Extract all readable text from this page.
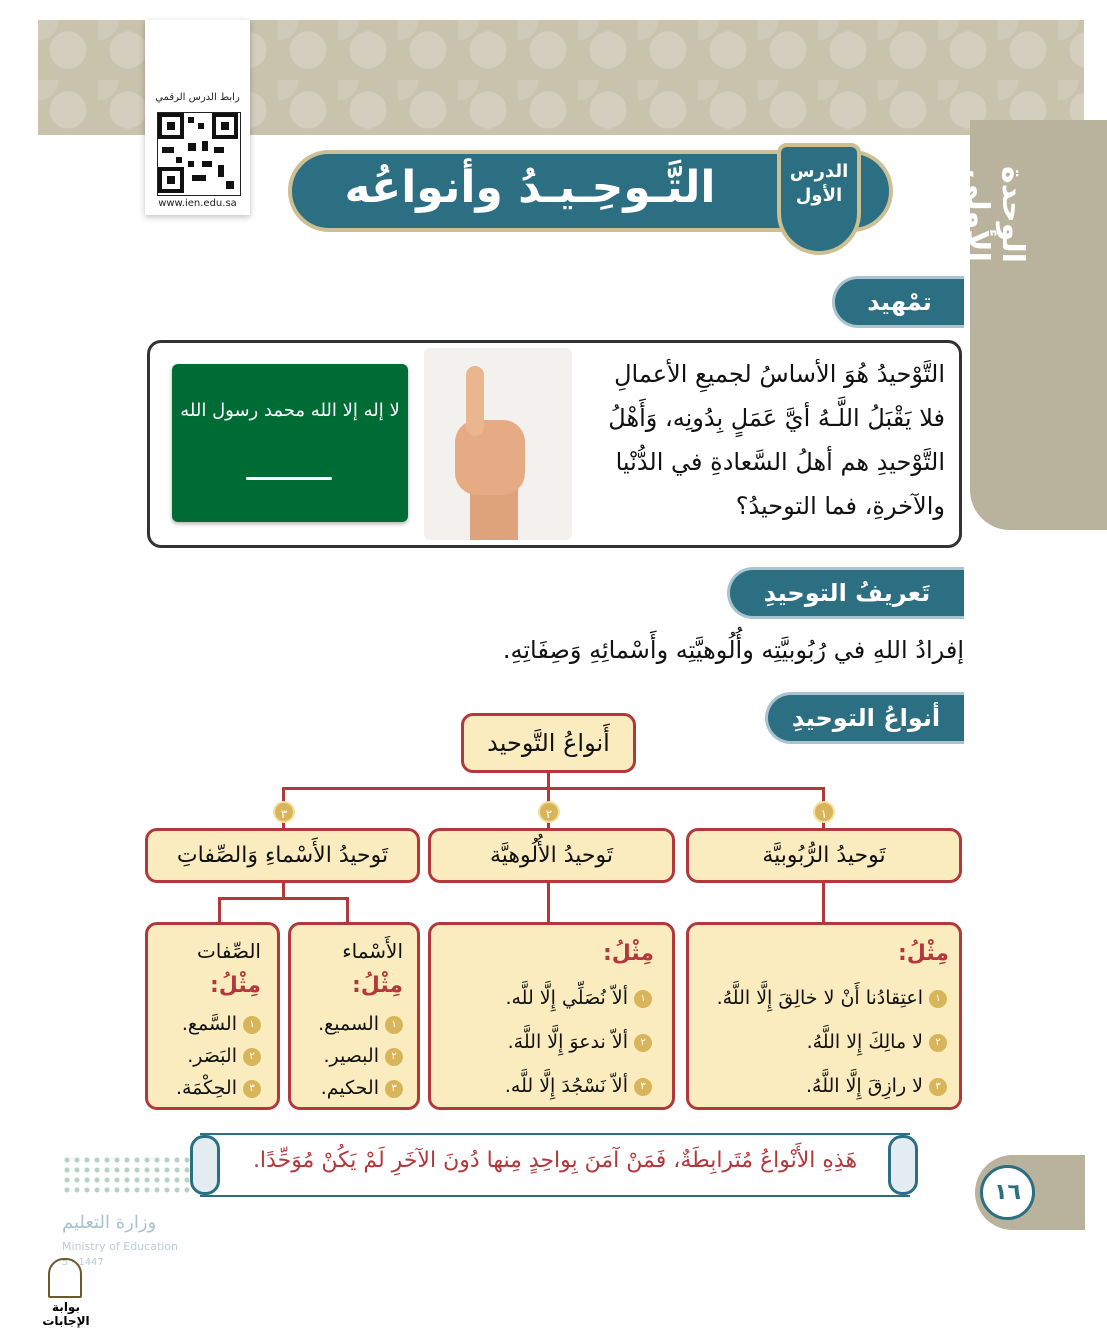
الوحدة الأولى
رابط الدرس الرقمي
www.ien.edu.sa	التَّـوحِـيـدُ وأنواعُه	الدرس
الأول
تمْهيد
التَّوْحيدُ هُوَ الأساسُ لجميعِ الأعمالِ فلا يَقْبَلُ اللَّـهُ أيَّ عَمَلٍ بِدُونِه، وَأَهْلُ التَّوْحيدِ هم أهلُ السَّعادةِ في الدُّنْيا والآخرةِ، فما التوحيدُ؟
لا إله إلا الله محمد رسول الله
تَعريفُ التوحيدِ
إفرادُ اللهِ في رُبُوبيَّتِه وأُلُوهيَّتِه وأَسْمائِهِ وَصِفَاتِهِ.
أنواعُ التوحيدِ
أَنواعُ التَّوحيد
١
٢
٣
تَوحيدُ الرُّبُوبيَّة
تَوحيدُ الأُلُوهيَّة
تَوحيدُ الأَسْماءِ وَالصِّفاتِ
مِثْلُ:
١اعتِقادُنا أَنْ لا خالِقَ إِلَّا اللَّهُ.
٢لا مالِكَ إِلا اللَّهُ.
٣لا رازِقَ إِلَّا اللَّهُ.
مِثْلُ:
١ألاّ نُصَلِّي إِلَّا للَّه.
٢ألاّ ندعوَ إِلَّا اللَّهَ.
٣ألاّ نَسْجُدَ إِلَّا للَّه.
الأَسْماء
مِثْلُ:
١السميع.
٢البصير.
٣الحكيم.
الصِّفات
مِثْلُ:
١السَّمع.
٢البَصَر.
٣الحِكْمَة.
هَذِهِ الأَنْواعُ مُتَرابِطَةٌ، فَمَنْ آمَنَ بِواحِدٍ مِنها دُونَ الآخَرِ لَمْ يَكُنْ مُوَحِّدًا.
١٦
وزارة التعليم
Ministry of Education
5 - 1447
بوابة الإجابات
